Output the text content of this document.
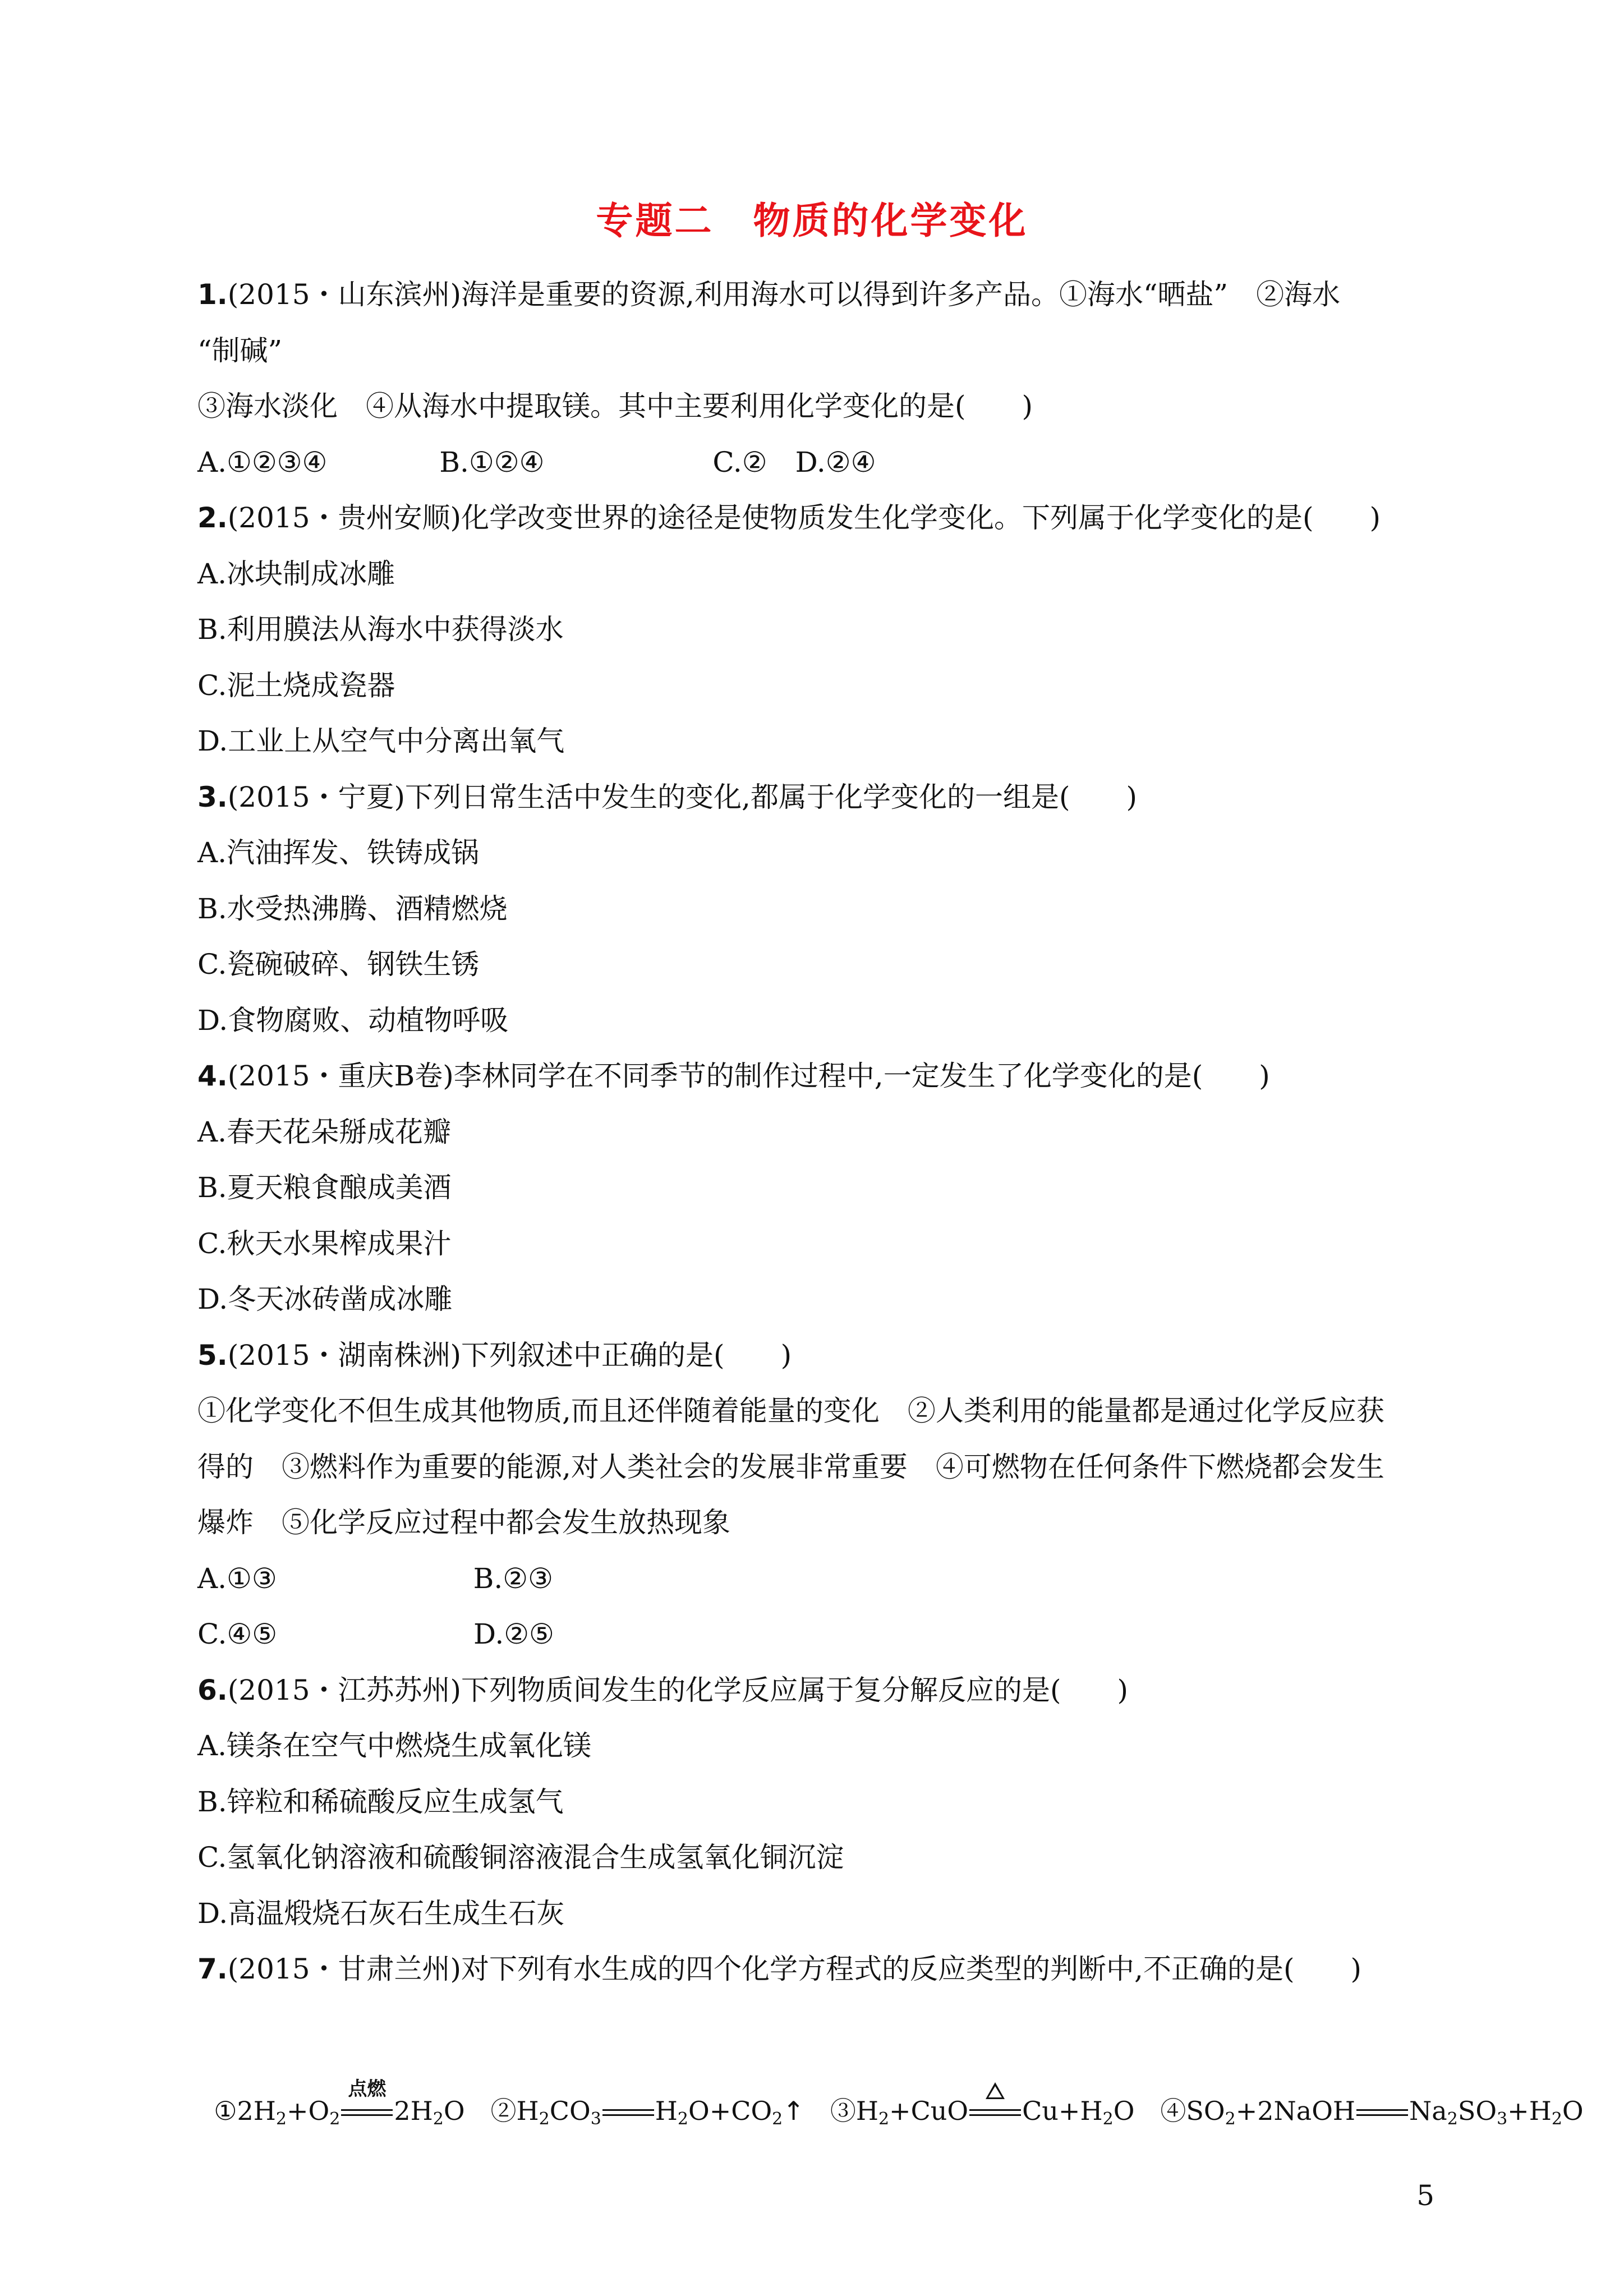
专题二　物质的化学变化
1.(2015・山东滨州)海洋是重要的资源,利用海水可以得到许多产品。①海水“晒盐”　②海水
“制碱”
③海水淡化　④从海水中提取镁。其中主要利用化学变化的是(　　)
A.①②③④　　　　B.①②④　　　　　　C.②　D.②④
2.(2015・贵州安顺)化学改变世界的途径是使物质发生化学变化。下列属于化学变化的是(　　)
A.冰块制成冰雕
B.利用膜法从海水中获得淡水
C.泥土烧成瓷器
D.工业上从空气中分离出氧气
3.(2015・宁夏)下列日常生活中发生的变化,都属于化学变化的一组是(　　)
A.汽油挥发、铁铸成锅
B.水受热沸腾、酒精燃烧
C.瓷碗破碎、钢铁生锈
D.食物腐败、动植物呼吸
4.(2015・重庆B卷)李林同学在不同季节的制作过程中,一定发生了化学变化的是(　　)
A.春天花朵掰成花瓣
B.夏天粮食酿成美酒
C.秋天水果榨成果汁
D.冬天冰砖凿成冰雕
5.(2015・湖南株洲)下列叙述中正确的是(　　)
①化学变化不但生成其他物质,而且还伴随着能量的变化　②人类利用的能量都是通过化学反应获
得的　③燃料作为重要的能源,对人类社会的发展非常重要　④可燃物在任何条件下燃烧都会发生
爆炸　⑤化学反应过程中都会发生放热现象
A.①③　　　　　　　B.②③
C.④⑤　　　　　　　D.②⑤
6.(2015・江苏苏州)下列物质间发生的化学反应属于复分解反应的是(　　)
A.镁条在空气中燃烧生成氧化镁
B.锌粒和稀硫酸反应生成氢气
C.氢氧化钠溶液和硫酸铜溶液混合生成氢氧化铜沉淀
D.高温煅烧石灰石生成生石灰
7.(2015・甘肃兰州)对下列有水生成的四个化学方程式的反应类型的判断中,不正确的是(　　)

$①2H_2+O_2$
点燃
$2H_2O$　 $②H_2CO_3$ $H_2O+CO_2↑$　 $③H_2+CuO$ $Cu+H_2O$　 $④SO_2+2NaOH$ $Na_2SO_3+H_2O$

5
